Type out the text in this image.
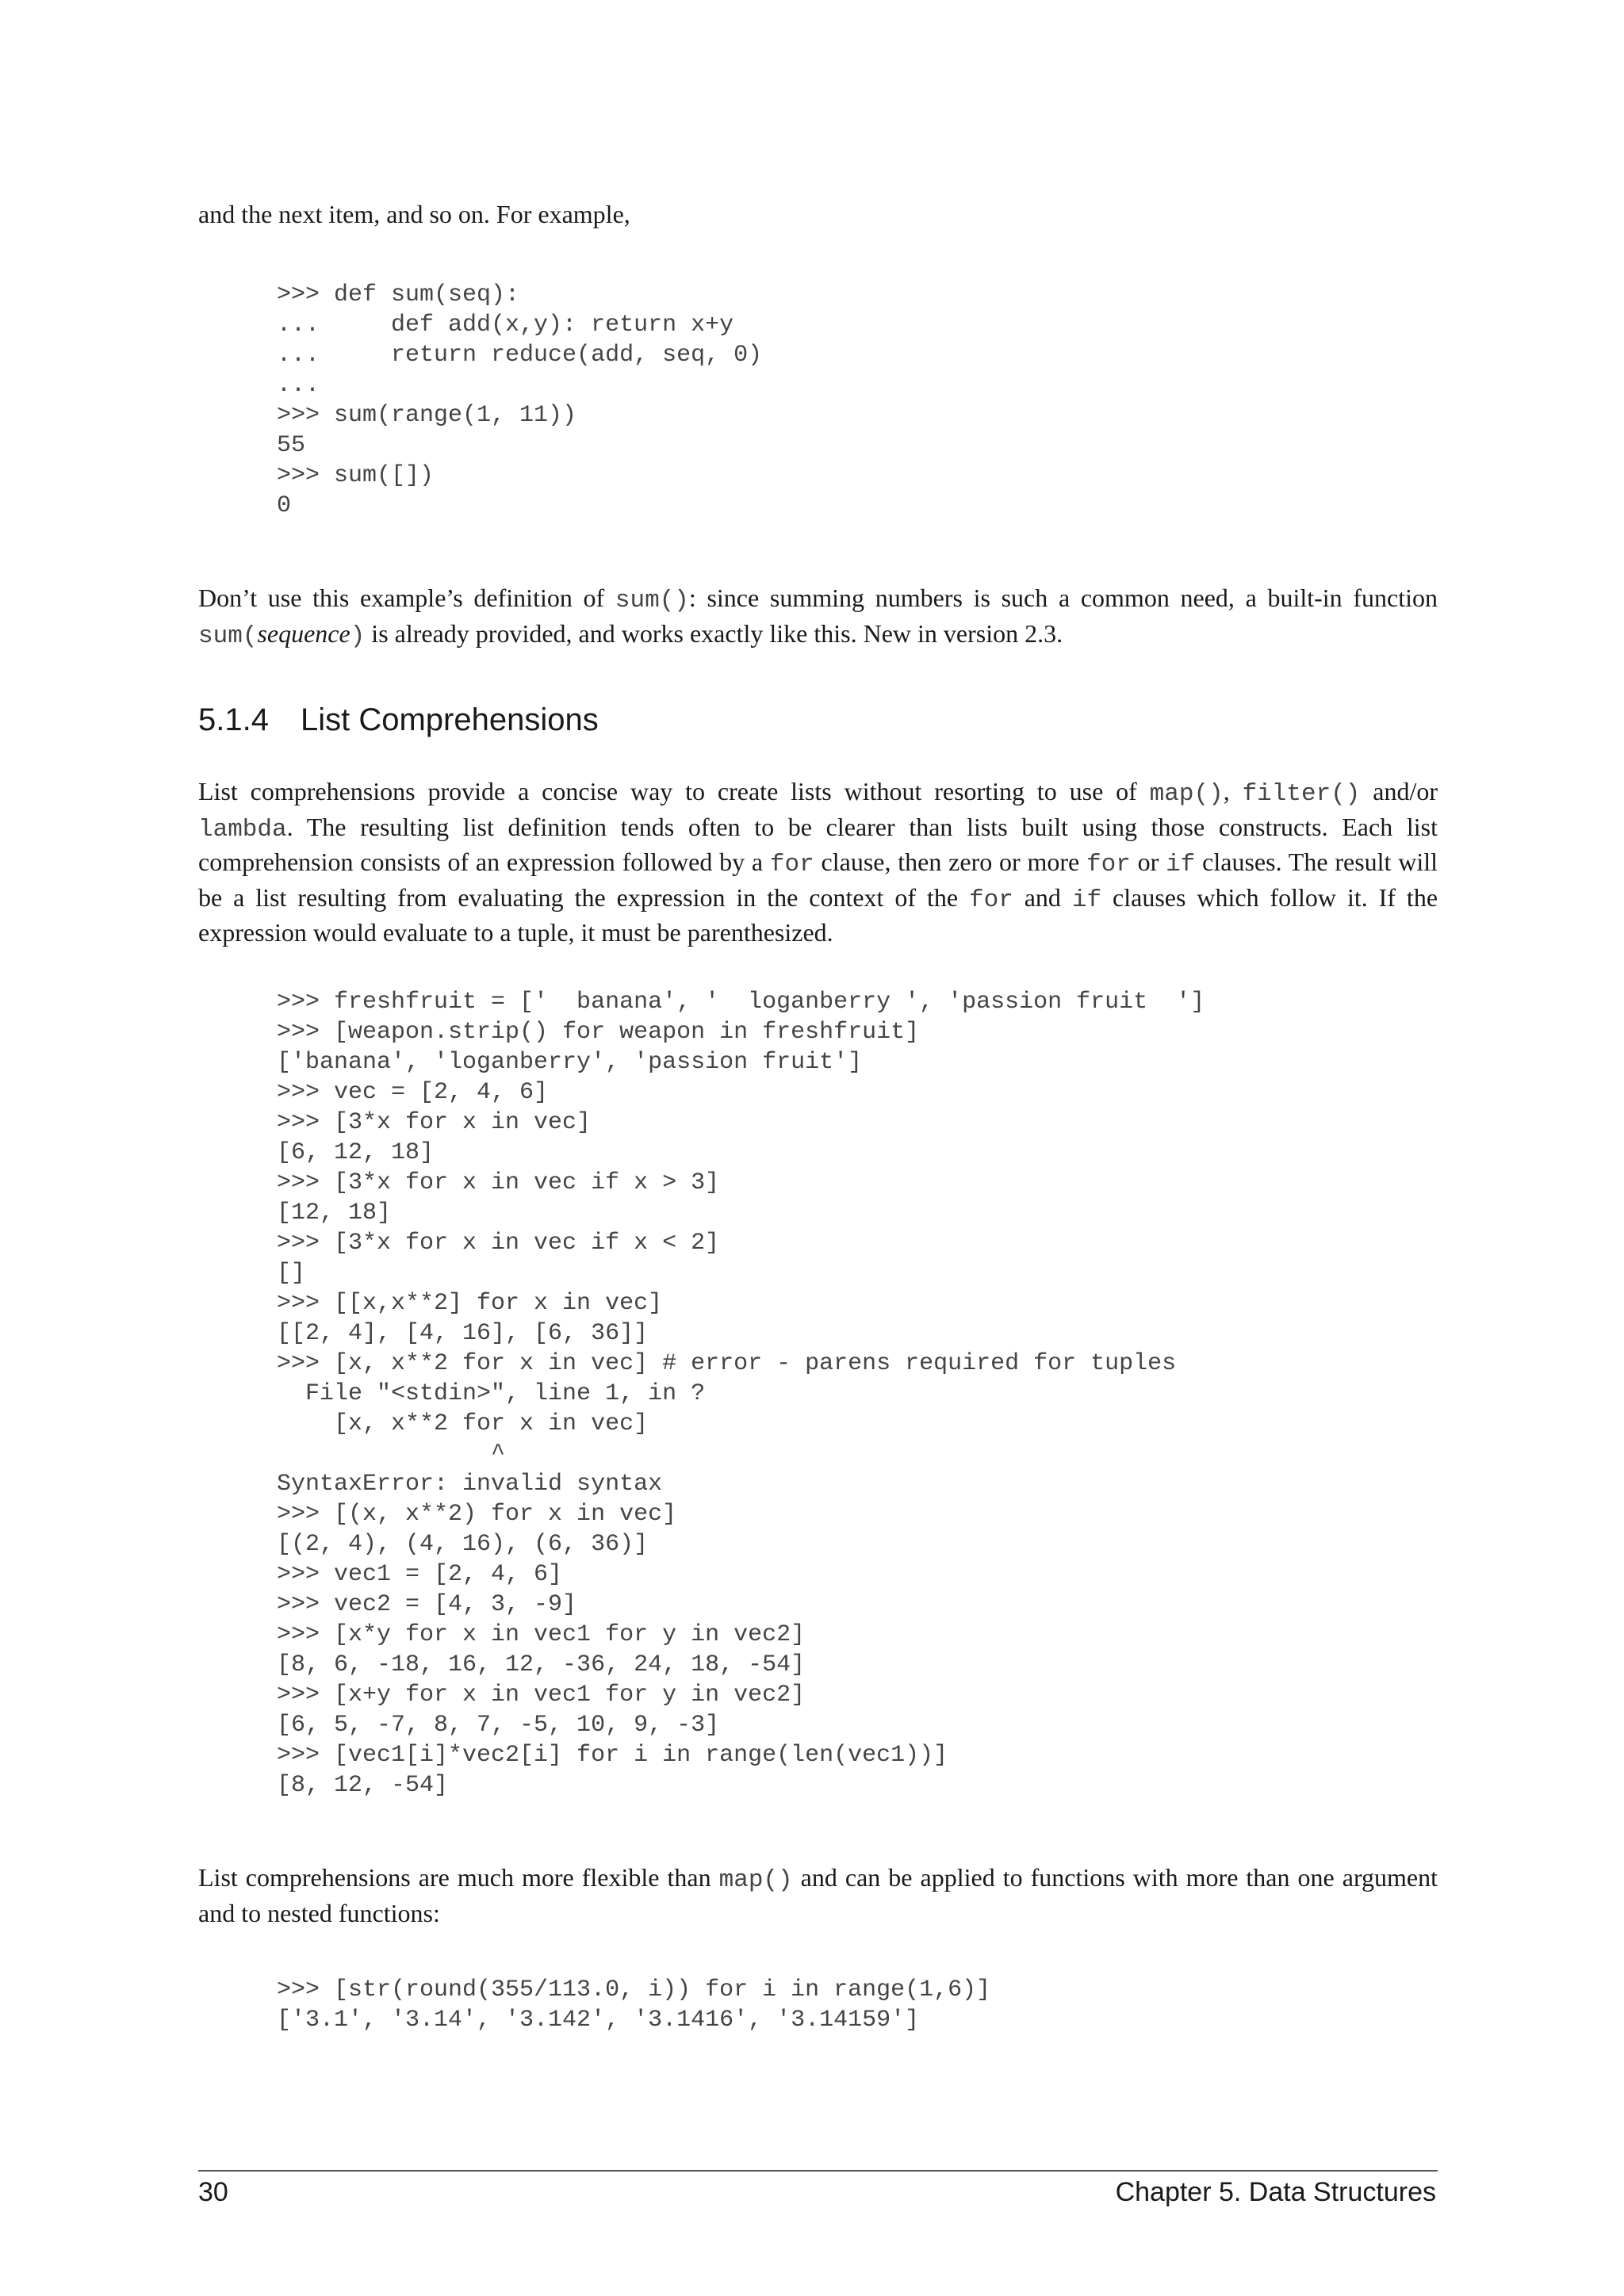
and the next item, and so on. For example,

>>> def sum(seq):
...     def add(x,y): return x+y
...     return reduce(add, seq, 0)
...
>>> sum(range(1, 11))
55
>>> sum([])
0

Don’t use this example’s definition of sum(): since summing numbers is such a common need, a built-in function sum(sequence) is already provided, and works exactly like this. New in version 2.3.

5.1.4 List Comprehensions

List comprehensions provide a concise way to create lists without resorting to use of map(), filter() and/or lambda. The resulting list definition tends often to be clearer than lists built using those constructs. Each list comprehension consists of an expression followed by a for clause, then zero or more for or if clauses. The result will be a list resulting from evaluating the expression in the context of the for and if clauses which follow it. If the expression would evaluate to a tuple, it must be parenthesized.

>>> freshfruit = ['  banana', '  loganberry ', 'passion fruit  ']
>>> [weapon.strip() for weapon in freshfruit]
['banana', 'loganberry', 'passion fruit']
>>> vec = [2, 4, 6]
>>> [3*x for x in vec]
[6, 12, 18]
>>> [3*x for x in vec if x > 3]
[12, 18]
>>> [3*x for x in vec if x < 2]
[]
>>> [[x,x**2] for x in vec]
[[2, 4], [4, 16], [6, 36]]
>>> [x, x**2 for x in vec] # error - parens required for tuples
File "<stdin>", line 1, in ?
[x, x**2 for x in vec]
^
SyntaxError: invalid syntax
>>> [(x, x**2) for x in vec]
[(2, 4), (4, 16), (6, 36)]
>>> vec1 = [2, 4, 6]
>>> vec2 = [4, 3, -9]
>>> [x*y for x in vec1 for y in vec2]
[8, 6, -18, 16, 12, -36, 24, 18, -54]
>>> [x+y for x in vec1 for y in vec2]
[6, 5, -7, 8, 7, -5, 10, 9, -3]
>>> [vec1[i]*vec2[i] for i in range(len(vec1))]
[8, 12, -54]

List comprehensions are much more flexible than map() and can be applied to functions with more than one argument and to nested functions:

>>> [str(round(355/113.0, i)) for i in range(1,6)]
['3.1', '3.14', '3.142', '3.1416', '3.14159']
30	Chapter 5. Data Structures
